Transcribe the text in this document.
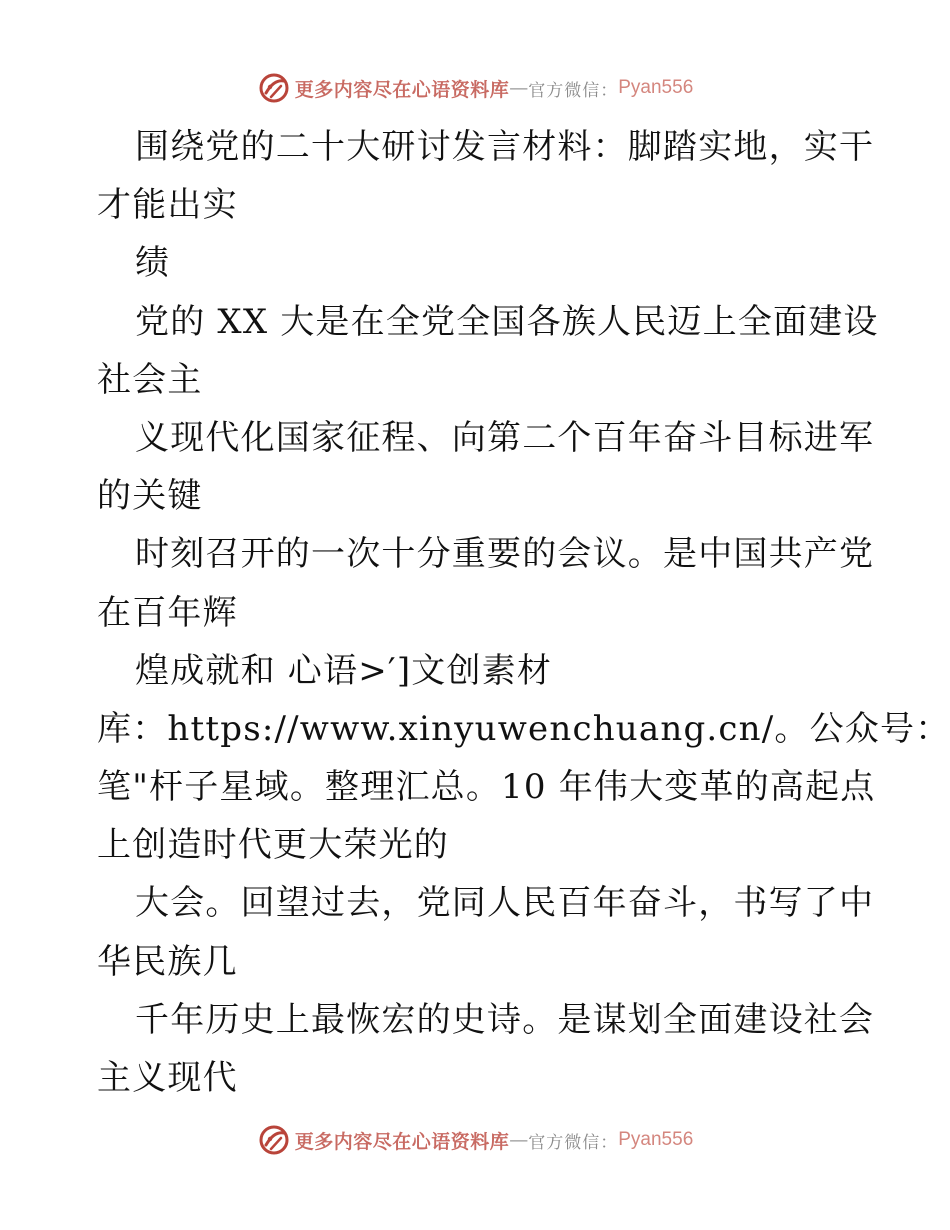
更多内容尽在心语资料库 — 官方微信： Pyan556
围绕党的二十大研讨发言材料：脚踏实地，实干
才能出实
绩
党的 XX 大是在全党全国各族人民迈上全面建设
社会主
义现代化国家征程、向第二个百年奋斗目标进军
的关键
时刻召开的一次十分重要的会议。是中国共产党
在百年辉
煌成就和 心语>′]文创素材
库：https://www.xinyuwenchuang.cn/。公众号：
笔"杆子星域。整理汇总。10 年伟大变革的高起点
上创造时代更大荣光的
大会。回望过去，党同人民百年奋斗，书写了中
华民族几
千年历史上最恢宏的史诗。是谋划全面建设社会
主义现代
更多内容尽在心语资料库 — 官方微信： Pyan556
